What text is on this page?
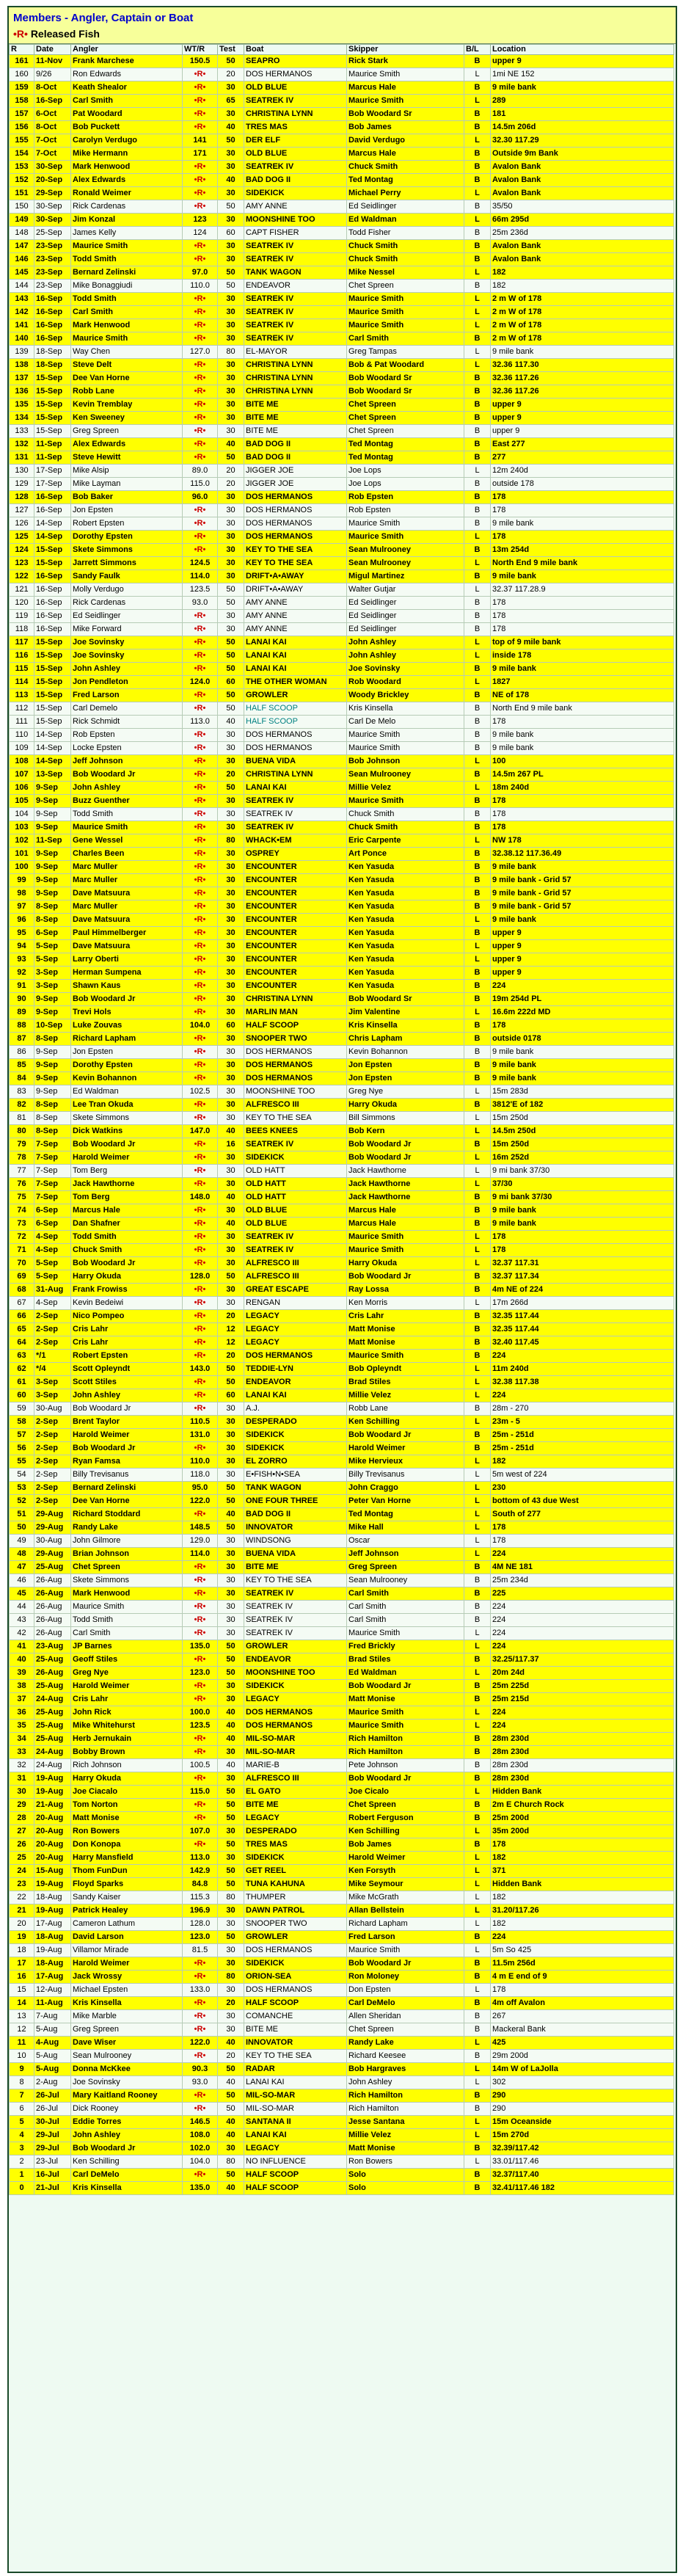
Members - Angler, Captain or Boat
•R• Released Fish
R	Date	Angler	WT/R	Test	Boat	Skipper	B/L	Location
161	11-Nov	Frank Marchese	150.5	50	SEAPRO	Rick Stark	B	upper 9
160	9/26	Ron Edwards	•R•	20	DOS HERMANOS	Maurice Smith	L	1mi NE 152
159	8-Oct	Keath Shealor	•R•	30	OLD BLUE	Marcus Hale	B	9 mile bank
158	16-Sep	Carl Smith	•R•	65	SEATREK IV	Maurice Smith	L	289
157	6-Oct	Pat Woodard	•R•	30	CHRISTINA LYNN	Bob Woodard Sr	B	181
156	8-Oct	Bob Puckett	•R•	40	TRES MAS	Bob James	B	14.5m 206d
155	7-Oct	Carolyn Verdugo	141	50	DER ELF	David Verdugo	L	32.30 117.29
154	7-Oct	Mike Hermann	171	30	OLD BLUE	Marcus Hale	B	Outside 9m Bank
153	30-Sep	Mark Henwood	•R•	30	SEATREK IV	Chuck Smith	B	Avalon Bank
152	20-Sep	Alex Edwards	•R•	40	BAD DOG II	Ted Montag	B	Avalon Bank
151	29-Sep	Ronald Weimer	•R•	30	SIDEKICK	Michael Perry	L	Avalon Bank
150	30-Sep	Rick Cardenas	•R•	50	AMY ANNE	Ed Seidlinger	B	35/50
149	30-Sep	Jim Konzal	123	30	MOONSHINE TOO	Ed Waldman	L	66m 295d
148	25-Sep	James Kelly	124	60	CAPT FISHER	Todd Fisher	B	25m 236d
147	23-Sep	Maurice Smith	•R•	30	SEATREK IV	Chuck Smith	B	Avalon Bank
146	23-Sep	Todd Smith	•R•	30	SEATREK IV	Chuck Smith	B	Avalon Bank
145	23-Sep	Bernard Zelinski	97.0	50	TANK WAGON	Mike Nessel	L	182
144	23-Sep	Mike Bonaggiudi	110.0	50	ENDEAVOR	Chet Spreen	B	182
143	16-Sep	Todd Smith	•R•	30	SEATREK IV	Maurice Smith	L	2 m W of 178
142	16-Sep	Carl Smith	•R•	30	SEATREK IV	Maurice Smith	L	2 m W of 178
141	16-Sep	Mark Henwood	•R•	30	SEATREK IV	Maurice Smith	L	2 m W of 178
140	16-Sep	Maurice Smith	•R•	30	SEATREK IV	Carl Smith	B	2 m W of 178
139	18-Sep	Way Chen	127.0	80	EL-MAYOR	Greg Tampas	L	9 mile bank
138	18-Sep	Steve Delt	•R•	30	CHRISTINA LYNN	Bob & Pat Woodard	L	32.36 117.30
137	15-Sep	Dee Van Horne	•R•	30	CHRISTINA LYNN	Bob Woodard Sr	B	32.36 117.26
136	15-Sep	Robb Lane	•R•	30	CHRISTINA LYNN	Bob Woodard Sr	B	32.36 117.26
135	15-Sep	Kevin Tremblay	•R•	30	BITE ME	Chet Spreen	B	upper 9
134	15-Sep	Ken Sweeney	•R•	30	BITE ME	Chet Spreen	B	upper 9
133	15-Sep	Greg Spreen	•R•	30	BITE ME	Chet Spreen	B	upper 9
132	11-Sep	Alex Edwards	•R•	40	BAD DOG II	Ted Montag	B	East 277
131	11-Sep	Steve Hewitt	•R•	50	BAD DOG II	Ted Montag	B	277
130	17-Sep	Mike Alsip	89.0	20	JIGGER JOE	Joe Lops	L	12m 240d
129	17-Sep	Mike Layman	115.0	20	JIGGER JOE	Joe Lops	B	outside 178
128	16-Sep	Bob Baker	96.0	30	DOS HERMANOS	Rob Epsten	B	178
127	16-Sep	Jon Epsten	•R•	30	DOS HERMANOS	Rob Epsten	B	178
126	14-Sep	Robert Epsten	•R•	30	DOS HERMANOS	Maurice Smith	B	9 mile bank
125	14-Sep	Dorothy Epsten	•R•	30	DOS HERMANOS	Maurice Smith	L	178
124	15-Sep	Skete Simmons	•R•	30	KEY TO THE SEA	Sean Mulrooney	B	13m 254d
123	15-Sep	Jarrett Simmons	124.5	30	KEY TO THE SEA	Sean Mulrooney	L	North End 9 mile bank
122	16-Sep	Sandy Faulk	114.0	30	DRIFT•A•AWAY	Migul Martinez	B	9 mile bank
121	16-Sep	Molly Verdugo	123.5	50	DRIFT•A•AWAY	Walter Gutjar	L	32.37 117.28.9
120	16-Sep	Rick Cardenas	93.0	50	AMY ANNE	Ed Seidlinger	B	178
119	16-Sep	Ed Seidlinger	•R•	30	AMY ANNE	Ed Seidlinger	B	178
118	16-Sep	Mike Forward	•R•	30	AMY ANNE	Ed Seidlinger	B	178
117	15-Sep	Joe Sovinsky	•R•	50	LANAI KAI	John Ashley	L	top of 9 mile bank
116	15-Sep	Joe Sovinsky	•R•	50	LANAI KAI	John Ashley	L	inside 178
115	15-Sep	John Ashley	•R•	50	LANAI KAI	Joe Sovinsky	B	9 mile bank
114	15-Sep	Jon Pendleton	124.0	60	THE OTHER WOMAN	Rob Woodard	L	1827
113	15-Sep	Fred Larson	•R•	50	GROWLER	Woody Brickley	B	NE of 178
112	15-Sep	Carl Demelo	•R•	50	HALF SCOOP	Kris Kinsella	B	North End 9 mile bank
111	15-Sep	Rick Schmidt	113.0	40	HALF SCOOP	Carl De Melo	B	178
110	14-Sep	Rob Epsten	•R•	30	DOS HERMANOS	Maurice Smith	B	9 mile bank
109	14-Sep	Locke Epsten	•R•	30	DOS HERMANOS	Maurice Smith	B	9 mile bank
108	14-Sep	Jeff Johnson	•R•	30	BUENA VIDA	Bob Johnson	L	100
107	13-Sep	Bob Woodard Jr	•R•	20	CHRISTINA LYNN	Sean Mulrooney	B	14.5m 267 PL
106	9-Sep	John Ashley	•R•	50	LANAI KAI	Millie Velez	L	18m 240d
105	9-Sep	Buzz Guenther	•R•	30	SEATREK IV	Maurice Smith	B	178
104	9-Sep	Todd Smith	•R•	30	SEATREK IV	Chuck Smith	B	178
103	9-Sep	Maurice Smith	•R•	30	SEATREK IV	Chuck Smith	B	178
102	11-Sep	Gene Wessel	•R•	80	WHACK•EM	Eric Carpente	L	NW 178
101	9-Sep	Charles Been	•R•	30	OSPREY	Art Ponce	B	32.38.12 117.36.49
100	9-Sep	Marc Muller	•R•	30	ENCOUNTER	Ken Yasuda	B	9 mile bank
99	9-Sep	Marc Muller	•R•	30	ENCOUNTER	Ken Yasuda	B	9 mile bank - Grid 57
98	9-Sep	Dave Matsuura	•R•	30	ENCOUNTER	Ken Yasuda	B	9 mile bank - Grid 57
97	8-Sep	Marc Muller	•R•	30	ENCOUNTER	Ken Yasuda	B	9 mile bank - Grid 57
96	8-Sep	Dave Matsuura	•R•	30	ENCOUNTER	Ken Yasuda	L	9 mile bank
95	6-Sep	Paul Himmelberger	•R•	30	ENCOUNTER	Ken Yasuda	B	upper 9
94	5-Sep	Dave Matsuura	•R•	30	ENCOUNTER	Ken Yasuda	L	upper 9
93	5-Sep	Larry Oberti	•R•	30	ENCOUNTER	Ken Yasuda	L	upper 9
92	3-Sep	Herman Sumpena	•R•	30	ENCOUNTER	Ken Yasuda	B	upper 9
91	3-Sep	Shawn Kaus	•R•	30	ENCOUNTER	Ken Yasuda	B	224
90	9-Sep	Bob Woodard Jr	•R•	30	CHRISTINA LYNN	Bob Woodard Sr	B	19m 254d PL
89	9-Sep	Trevi Hols	•R•	30	MARLIN MAN	Jim Valentine	L	16.6m 222d MD
88	10-Sep	Luke Zouvas	104.0	60	HALF SCOOP	Kris Kinsella	B	178
87	8-Sep	Richard Lapham	•R•	30	SNOOPER TWO	Chris Lapham	B	outside 0178
86	9-Sep	Jon Epsten	•R•	30	DOS HERMANOS	Kevin Bohannon	B	9 mile bank
85	9-Sep	Dorothy Epsten	•R•	30	DOS HERMANOS	Jon Epsten	B	9 mile bank
84	9-Sep	Kevin Bohannon	•R•	30	DOS HERMANOS	Jon Epsten	B	9 mile bank
83	9-Sep	Ed Waldman	102.5	30	MOONSHINE TOO	Greg Nye	L	15m 283d
82	8-Sep	Lee Tran Okuda	•R•	30	ALFRESCO III	Harry Okuda	B	3812'E of 182
81	8-Sep	Skete Simmons	•R•	30	KEY TO THE SEA	Bill Simmons	L	15m 250d
80	8-Sep	Dick Watkins	147.0	40	BEES KNEES	Bob Kern	L	14.5m 250d
79	7-Sep	Bob Woodard Jr	•R•	16	SEATREK IV	Bob Woodard Jr	B	15m 250d
78	7-Sep	Harold Weimer	•R•	30	SIDEKICK	Bob Woodard Jr	L	16m 252d
77	7-Sep	Tom Berg	•R•	30	OLD HATT	Jack Hawthorne	L	9 mi bank 37/30
76	7-Sep	Jack Hawthorne	•R•	30	OLD HATT	Jack Hawthorne	L	37/30
75	7-Sep	Tom Berg	148.0	40	OLD HATT	Jack Hawthorne	B	9 mi bank 37/30
74	6-Sep	Marcus Hale	•R•	30	OLD BLUE	Marcus Hale	B	9 mile bank
73	6-Sep	Dan Shafner	•R•	40	OLD BLUE	Marcus Hale	B	9 mile bank
72	4-Sep	Todd Smith	•R•	30	SEATREK IV	Maurice Smith	L	178
71	4-Sep	Chuck Smith	•R•	30	SEATREK IV	Maurice Smith	L	178
70	5-Sep	Bob Woodard Jr	•R•	30	ALFRESCO III	Harry Okuda	L	32.37 117.31
69	5-Sep	Harry Okuda	128.0	50	ALFRESCO III	Bob Woodard Jr	B	32.37 117.34
68	31-Aug	Frank Frowiss	•R•	30	GREAT ESCAPE	Ray Lossa	B	4m NE of 224
67	4-Sep	Kevin Bedeiwi	•R•	30	RENGAN	Ken Morris	L	17m 266d
66	2-Sep	Nico Pompeo	•R•	20	LEGACY	Cris Lahr	B	32.35 117.44
65	2-Sep	Cris Lahr	•R•	12	LEGACY	Matt Monise	B	32.35 117.44
64	2-Sep	Cris Lahr	•R•	12	LEGACY	Matt Monise	B	32.40 117.45
63	*/1	Robert Epsten	•R•	20	DOS HERMANOS	Maurice Smith	B	224
62	*/4	Scott Opleyndt	143.0	50	TEDDIE-LYN	Bob Opleyndt	L	11m 240d
61	3-Sep	Scott Stiles	•R•	50	ENDEAVOR	Brad Stiles	L	32.38 117.38
60	3-Sep	John Ashley	•R•	60	LANAI KAI	Millie Velez	L	224
59	30-Aug	Bob Woodard Jr	•R•	30	A.J.	Robb Lane	B	28m - 270
58	2-Sep	Brent Taylor	110.5	30	DESPERADO	Ken Schilling	L	23m - 5
57	2-Sep	Harold Weimer	131.0	30	SIDEKICK	Bob Woodard Jr	B	25m - 251d
56	2-Sep	Bob Woodard Jr	•R•	30	SIDEKICK	Harold Weimer	B	25m - 251d
55	2-Sep	Ryan Famsa	110.0	30	EL ZORRO	Mike Hervieux	L	182
54	2-Sep	Billy Trevisanus	118.0	30	E•FISH•N•SEA	Billy Trevisanus	L	5m west of 224
53	2-Sep	Bernard Zelinski	95.0	50	TANK WAGON	John Craggo	L	230
52	2-Sep	Dee Van Horne	122.0	50	ONE FOUR THREE	Peter Van Horne	L	bottom of 43 due West
51	29-Aug	Richard Stoddard	•R•	40	BAD DOG II	Ted Montag	L	South of 277
50	29-Aug	Randy Lake	148.5	50	INNOVATOR	Mike Hall	L	178
49	30-Aug	John Gilmore	129.0	30	WINDSONG	Oscar	L	178
48	29-Aug	Brian Johnson	114.0	30	BUENA VIDA	Jeff Johnson	L	224
47	25-Aug	Chet Spreen	•R•	30	BITE ME	Greg Spreen	B	4M NE 181
46	26-Aug	Skete Simmons	•R•	30	KEY TO THE SEA	Sean Mulrooney	B	25m 234d
45	26-Aug	Mark Henwood	•R•	30	SEATREK IV	Carl Smith	B	225
44	26-Aug	Maurice Smith	•R•	30	SEATREK IV	Carl Smith	B	224
43	26-Aug	Todd Smith	•R•	30	SEATREK IV	Carl Smith	B	224
42	26-Aug	Carl Smith	•R•	30	SEATREK IV	Maurice Smith	L	224
41	23-Aug	JP Barnes	135.0	50	GROWLER	Fred Brickly	L	224
40	25-Aug	Geoff Stiles	•R•	50	ENDEAVOR	Brad Stiles	B	32.25/117.37
39	26-Aug	Greg Nye	123.0	50	MOONSHINE TOO	Ed Waldman	L	20m 24d
38	25-Aug	Harold Weimer	•R•	30	SIDEKICK	Bob Woodard Jr	B	25m 225d
37	24-Aug	Cris Lahr	•R•	30	LEGACY	Matt Monise	B	25m 215d
36	25-Aug	John Rick	100.0	40	DOS HERMANOS	Maurice Smith	L	224
35	25-Aug	Mike Whitehurst	123.5	40	DOS HERMANOS	Maurice Smith	L	224
34	25-Aug	Herb Jernukain	•R•	40	MIL-SO-MAR	Rich Hamilton	B	28m 230d
33	24-Aug	Bobby Brown	•R•	30	MIL-SO-MAR	Rich Hamilton	B	28m 230d
32	24-Aug	Rich Johnson	100.5	40	MARIE-B	Pete Johnson	B	28m 230d
31	19-Aug	Harry Okuda	•R•	30	ALFRESCO III	Bob Woodard Jr	B	28m 230d
30	19-Aug	Joe Ciacalo	115.0	50	EL GATO	Joe Cicalo	L	Hidden Bank
29	21-Aug	Tom Norton	•R•	50	BITE ME	Chet Spreen	B	2m E Church Rock
28	20-Aug	Matt Monise	•R•	50	LEGACY	Robert Ferguson	B	25m 200d
27	20-Aug	Ron Bowers	107.0	30	DESPERADO	Ken Schilling	L	35m 200d
26	20-Aug	Don Konopa	•R•	50	TRES MAS	Bob James	B	178
25	20-Aug	Harry Mansfield	113.0	30	SIDEKICK	Harold Weimer	L	182
24	15-Aug	Thom FunDun	142.9	50	GET REEL	Ken Forsyth	L	371
23	19-Aug	Floyd Sparks	84.8	50	TUNA KAHUNA	Mike Seymour	L	Hidden Bank
22	18-Aug	Sandy Kaiser	115.3	80	THUMPER	Mike McGrath	L	182
21	19-Aug	Patrick Healey	196.9	30	DAWN PATROL	Allan Bellstein	L	31.20/117.26
20	17-Aug	Cameron Lathum	128.0	30	SNOOPER TWO	Richard Lapham	L	182
19	18-Aug	David Larson	123.0	50	GROWLER	Fred Larson	B	224
18	19-Aug	Villamor Mirade	81.5	30	DOS HERMANOS	Maurice Smith	L	5m So 425
17	18-Aug	Harold Weimer	•R•	30	SIDEKICK	Bob Woodard Jr	B	11.5m 256d
16	17-Aug	Jack Wrossy	•R•	80	ORION-SEA	Ron Moloney	B	4 m E end of 9
15	12-Aug	Michael Epsten	133.0	30	DOS HERMANOS	Don Epsten	L	178
14	11-Aug	Kris Kinsella	•R•	20	HALF SCOOP	Carl DeMelo	B	4m off Avalon
13	7-Aug	Mike Marble	•R•	30	COMANCHE	Allen Sheridan	B	267
12	5-Aug	Greg Spreen	•R•	30	BITE ME	Chet Spreen	B	Mackeral Bank
11	4-Aug	Dave Wiser	122.0	40	INNOVATOR	Randy Lake	L	425
10	5-Aug	Sean Mulrooney	•R•	20	KEY TO THE SEA	Richard Keesee	B	29m 200d
9	5-Aug	Donna McKkee	90.3	50	RADAR	Bob Hargraves	L	14m W of LaJolla
8	2-Aug	Joe Sovinsky	93.0	40	LANAI KAI	John Ashley	L	302
7	26-Jul	Mary Kaitland Rooney	•R•	50	MIL-SO-MAR	Rich Hamilton	B	290
6	26-Jul	Dick Rooney	•R•	50	MIL-SO-MAR	Rich Hamilton	B	290
5	30-Jul	Eddie Torres	146.5	40	SANTANA II	Jesse Santana	L	15m Oceanside
4	29-Jul	John Ashley	108.0	40	LANAI KAI	Millie Velez	L	15m 270d
3	29-Jul	Bob Woodard Jr	102.0	30	LEGACY	Matt Monise	B	32.39/117.42
2	23-Jul	Ken Schilling	104.0	80	NO INFLUENCE	Ron Bowers	L	33.01/117.46
1	16-Jul	Carl DeMelo	•R•	50	HALF SCOOP	Solo	B	32.37/117.40
0	21-Jul	Kris Kinsella	135.0	40	HALF SCOOP	Solo	B	32.41/117.46 182
